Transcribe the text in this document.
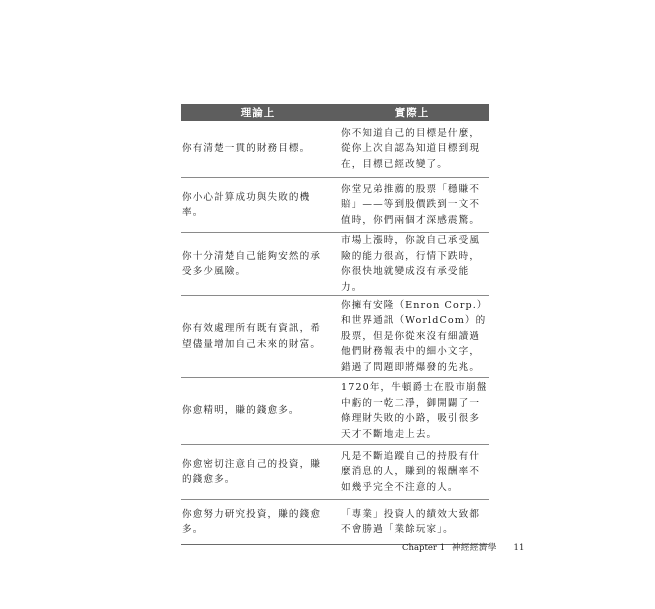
理論上	實際上
你有清楚一貫的財務目標。	你不知道自己的目標是什麼，從你上次自認為知道目標到現在，目標已經改變了。
你小心計算成功與失敗的機率。	你堂兄弟推薦的股票「穩賺不賠」——等到股價跌到一文不值時，你們兩個才深感震驚。
你十分清楚自己能夠安然的承受多少風險。	市場上漲時，你說自己承受風險的能力很高，行情下跌時，你很快地就變成沒有承受能力。
你有效處理所有既有資訊，希望儘量增加自己未來的財富。	你擁有安隆（Enron Corp.）和世界通訊（WorldCom）的股票，但是你從來沒有細讀過他們財務報表中的細小文字，錯過了問題即將爆發的先兆。
你愈精明，賺的錢愈多。	1720年，牛頓爵士在股市崩盤中虧的一乾二淨，御開闢了一條理財失敗的小路，吸引很多天才不斷地走上去。
你愈密切注意自己的投資，賺的錢愈多。	凡是不斷追蹤自己的持股有什麼消息的人，賺到的報酬率不如幾乎完全不注意的人。
你愈努力研究投資，賺的錢愈多。	「專業」投資人的績效大致都不會勝過「業餘玩家」。
Chapter 1 神經經濟學 11
